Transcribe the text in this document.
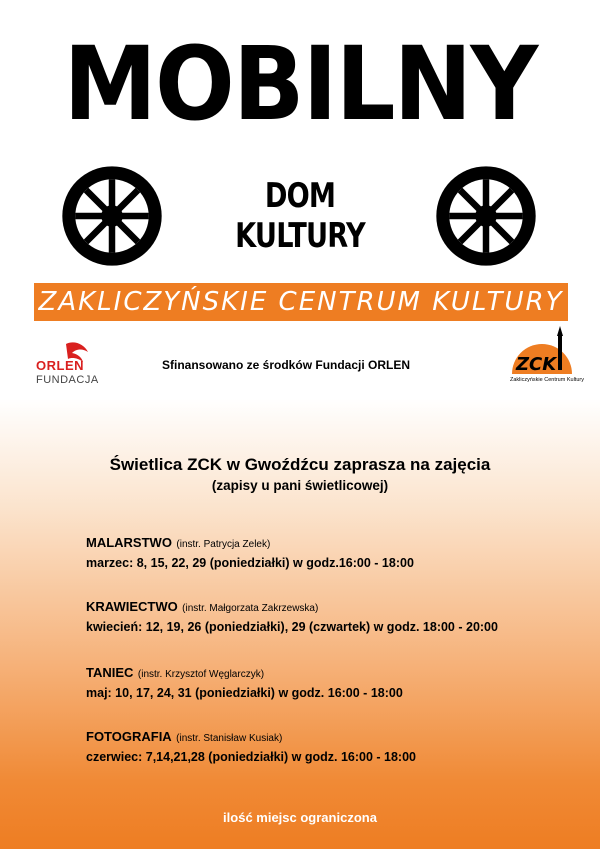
MOBILNY
DOM KULTURY
ZAKLICZYŃSKIE CENTRUM KULTURY
ORLEN
FUNDACJA
Sfinansowano ze środków Fundacji ORLEN	ZCK
Zakliczyńskie Centrum Kultury
Świetlica ZCK w Gwoźdźcu zaprasza na zajęcia
(zapisy u pani świetlicowej)
MALARSTWO (instr. Patrycja Zelek)
marzec: 8, 15, 22, 29 (poniedziałki) w godz.16:00 - 18:00
KRAWIECTWO (instr. Małgorzata Zakrzewska)
kwiecień: 12, 19, 26 (poniedziałki), 29 (czwartek) w godz. 18:00 - 20:00
TANIEC (instr. Krzysztof Węglarczyk)
maj: 10, 17, 24, 31 (poniedziałki) w godz. 16:00 - 18:00
FOTOGRAFIA (instr. Stanisław Kusiak)
czerwiec: 7,14,21,28 (poniedziałki) w godz. 16:00 - 18:00
ilość miejsc ograniczona
